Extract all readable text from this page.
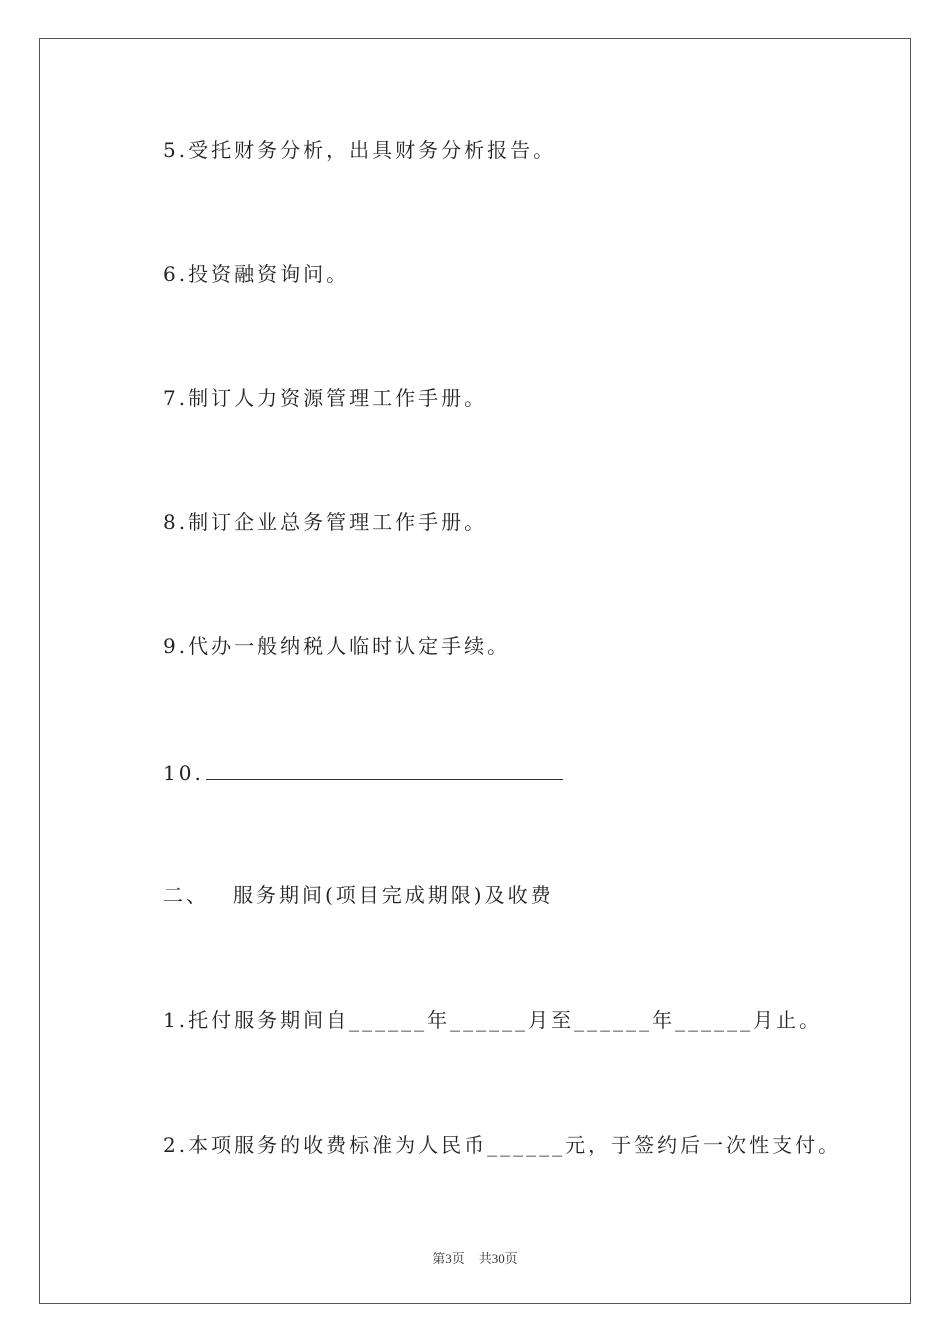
5.受托财务分析，出具财务分析报告。
6.投资融资询问。
7.制订人力资源管理工作手册。
8.制订企业总务管理工作手册。
9.代办一般纳税人临时认定手续。
10.
二、 服务期间(项目完成期限)及收费
1.托付服务期间自______年______月至______年______月止。
2.本项服务的收费标准为人民币______元，于签约后一次性支付。
第3页 共30页
